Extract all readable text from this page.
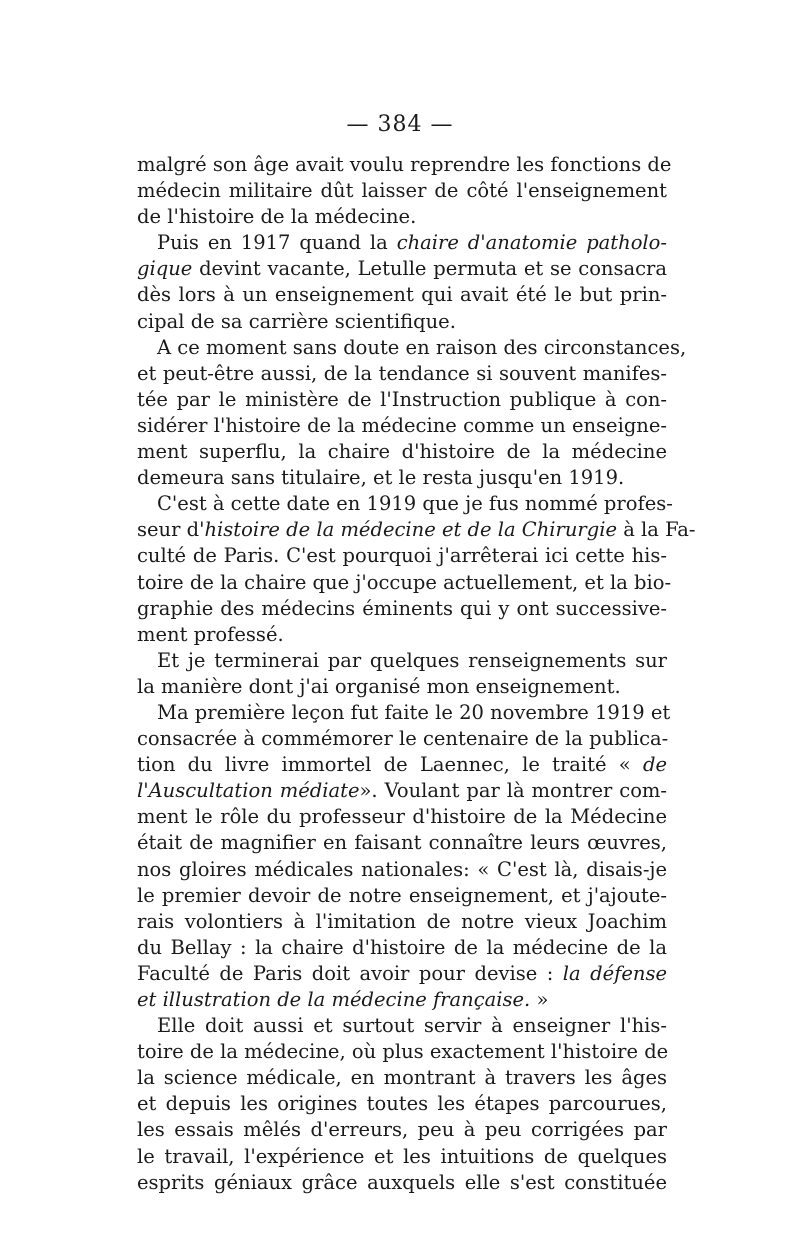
— 384 —
malgré son âge avait voulu reprendre les fonctions de
médecin militaire dût laisser de côté l'enseignement
de l'histoire de la médecine.
Puis en 1917 quand la chaire d'anatomie patholo-
gique devint vacante, Letulle permuta et se consacra
dès lors à un enseignement qui avait été le but prin-
cipal de sa carrière scientifique.
A ce moment sans doute en raison des circonstances,
et peut-être aussi, de la tendance si souvent manifes-
tée par le ministère de l'Instruction publique à con-
sidérer l'histoire de la médecine comme un enseigne-
ment superflu, la chaire d'histoire de la médecine
demeura sans titulaire, et le resta jusqu'en 1919.
C'est à cette date en 1919 que je fus nommé profes-
seur d'histoire de la médecine et de la Chirurgie à la Fa-
culté de Paris. C'est pourquoi j'arrêterai ici cette his-
toire de la chaire que j'occupe actuellement, et la bio-
graphie des médecins éminents qui y ont successive-
ment professé.
Et je terminerai par quelques renseignements sur
la manière dont j'ai organisé mon enseignement.
Ma première leçon fut faite le 20 novembre 1919 et
consacrée à commémorer le centenaire de la publica-
tion du livre immortel de Laennec, le traité « de
l'Auscultation médiate». Voulant par là montrer com-
ment le rôle du professeur d'histoire de la Médecine
était de magnifier en faisant connaître leurs œuvres,
nos gloires médicales nationales: « C'est là, disais-je
le premier devoir de notre enseignement, et j'ajoute-
rais volontiers à l'imitation de notre vieux Joachim
du Bellay : la chaire d'histoire de la médecine de la
Faculté de Paris doit avoir pour devise : la défense
et illustration de la médecine française. »
Elle doit aussi et surtout servir à enseigner l'his-
toire de la médecine, où plus exactement l'histoire de
la science médicale, en montrant à travers les âges
et depuis les origines toutes les étapes parcourues,
les essais mêlés d'erreurs, peu à peu corrigées par
le travail, l'expérience et les intuitions de quelques
esprits géniaux grâce auxquels elle s'est constituée
